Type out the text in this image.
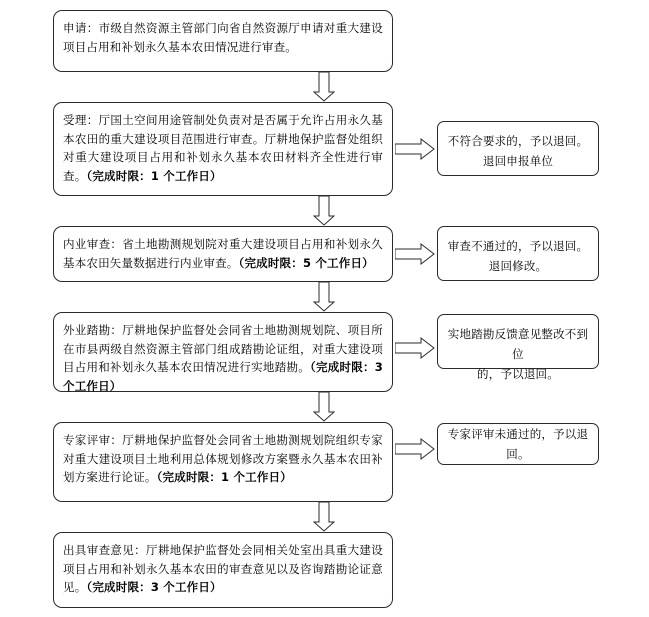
申请：市级自然资源主管部门向省自然资源厅申请对重大建设项目占用和补划永久基本农田情况进行审查。
受理：厅国土空间用途管制处负责对是否属于允许占用永久基本农田的重大建设项目范围进行审查。厅耕地保护监督处组织对重大建设项目占用和补划永久基本农田材料齐全性进行审查。（完成时限：1 个工作日）
不符合要求的，予以退回。
退回申报单位
内业审查：省土地勘测规划院对重大建设项目占用和补划永久基本农田矢量数据进行内业审查。（完成时限：5 个工作日）
审查不通过的，予以退回。
退回修改。
外业踏勘：厅耕地保护监督处会同省土地勘测规划院、项目所在市县两级自然资源主管部门组成踏勘论证组，对重大建设项目占用和补划永久基本农田情况进行实地踏勘。（完成时限：3 个工作日）
实地踏勘反馈意见整改不到位
的，予以退回。
专家评审：厅耕地保护监督处会同省土地勘测规划院组织专家对重大建设项目土地利用总体规划修改方案暨永久基本农田补划方案进行论证。（完成时限：1 个工作日）
专家评审未通过的，予以退回。
出具审查意见：厅耕地保护监督处会同相关处室出具重大建设项目占用和补划永久基本农田的审查意见以及咨询踏勘论证意见。（完成时限：3 个工作日）
